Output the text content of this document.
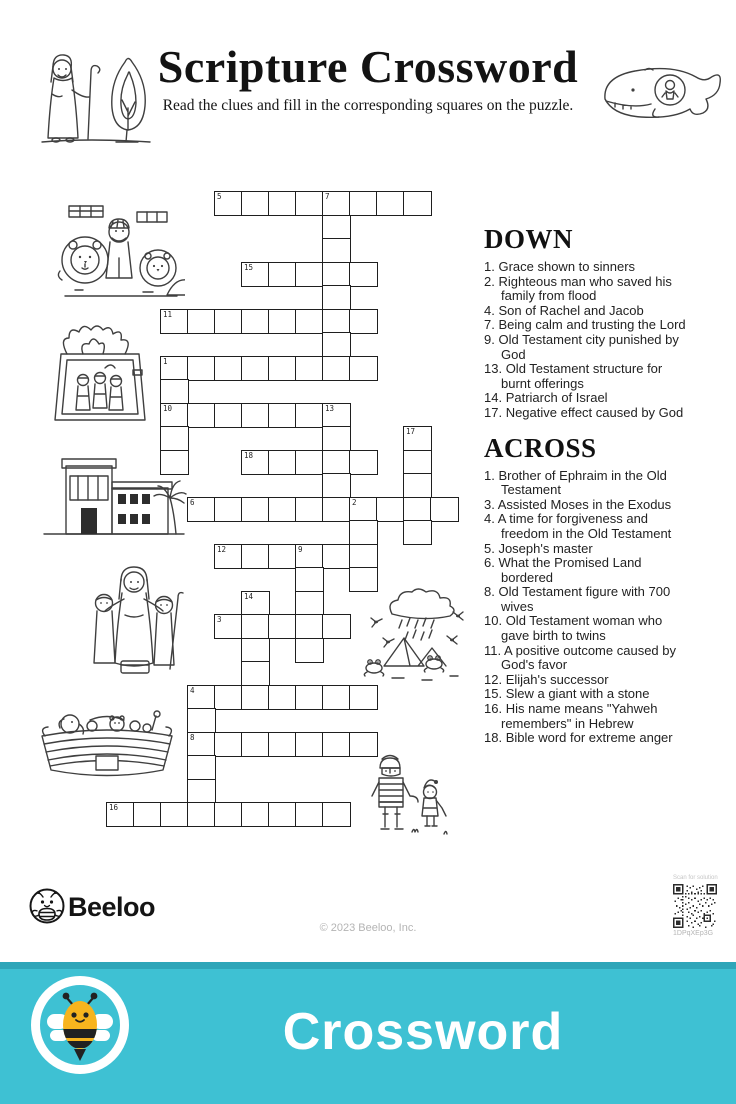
Scripture Crossword
Read the clues and fill in the corresponding squares on the puzzle.
5	7
15
11
1
10	13
17
18
6	2
12	9
14
3
4
8
16
DOWN
1. Grace shown to sinners
2. Righteous man who saved his family from flood
4. Son of Rachel and Jacob
7. Being calm and trusting the Lord
9. Old Testament city punished by God
13. Old Testament structure for burnt offerings
14. Patriarch of Israel
17. Negative effect caused by God
ACROSS
1. Brother of Ephraim in the Old Testament
3. Assisted Moses in the Exodus
4. A time for forgiveness and freedom in the Old Testament
5. Joseph's master
6. What the Promised Land bordered
8. Old Testament figure with 700 wives
10. Old Testament woman who gave birth to twins
11. A positive outcome caused by God's favor
12. Elijah's successor
15. Slew a giant with a stone
16. His name means "Yahweh remembers" in Hebrew
18. Bible word for extreme anger
Beeloo
© 2023 Beeloo, Inc.
Scan for solution
1DPqXEp3G
Crossword
